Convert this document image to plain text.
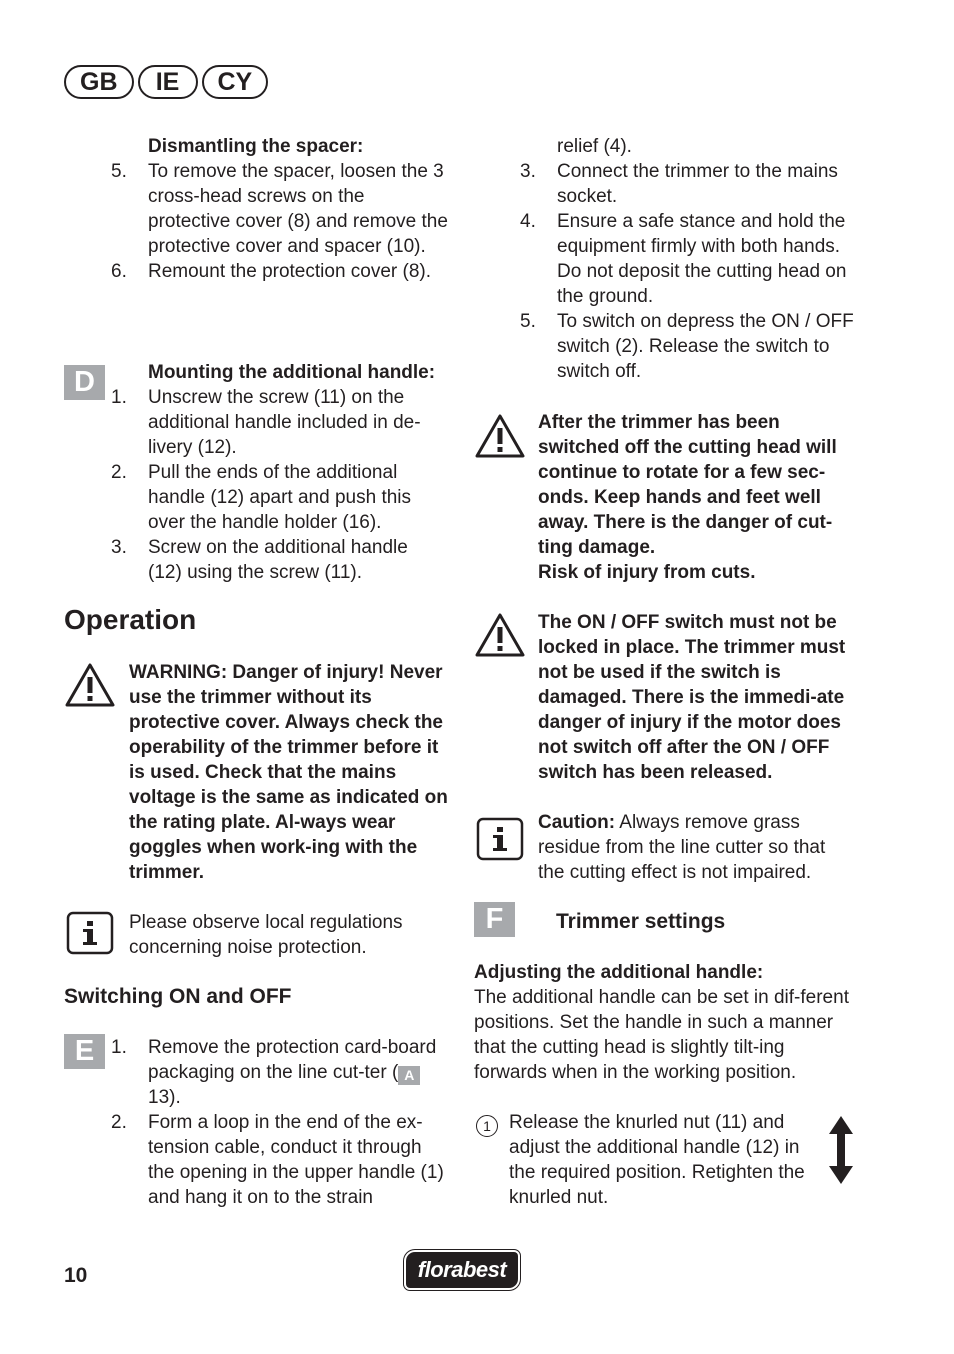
GB	IE	CY
Dismantling the spacer:
5.	To remove the spacer, loosen the 3 cross-head screws on the protective cover (8) and remove the protective cover and spacer (10).
6.	Remount the protection cover (8).
D	Mounting the additional handle:
1.	Unscrew the screw (11) on the additional handle included in de-livery (12).
2.	Pull the ends of the additional handle (12) apart and push this over the handle holder (16).
3.	Screw on the additional handle (12) using the screw (11).
Operation
WARNING: Danger of injury! Never use the trimmer without its protective cover. Always check the operability of the trimmer before it is used. Check that the mains voltage is the same as indicated on the rating plate. Al-ways wear goggles when work-ing with the trimmer.
Please observe local regulations concerning noise protection.
Switching ON and OFF
E 1.	Remove the protection card-board packaging on the line cut-ter ( A 13).
2.	Form a loop in the end of the ex-tension cable, conduct it through the opening in the upper handle (1) and hang it on to the strain
relief (4).
3.	Connect the trimmer to the mains socket.
4.	Ensure a safe stance and hold the equipment firmly with both hands. Do not deposit the cutting head on the ground.
5.	To switch on depress the ON / OFF switch (2). Release the switch to switch off.
After the trimmer has been switched off the cutting head will continue to rotate for a few sec-onds. Keep hands and feet well away. There is the danger of cut-ting damage.
Risk of injury from cuts.
The ON / OFF switch must not be locked in place. The trimmer must not be used if the switch is damaged. There is the immedi-ate danger of injury if the motor does not switch off after the ON / OFF switch has been released.
Caution: Always remove grass residue from the line cutter so that the cutting effect is not impaired.
F	Trimmer settings
Adjusting the additional handle:
The additional handle can be set in dif-ferent positions. Set the handle in such a manner that the cutting head is slightly tilt-ing forwards when in the working position.
1 Release the knurled nut (11) and adjust the additional handle (12) in the required position. Retighten the knurled nut.
10	florabest
